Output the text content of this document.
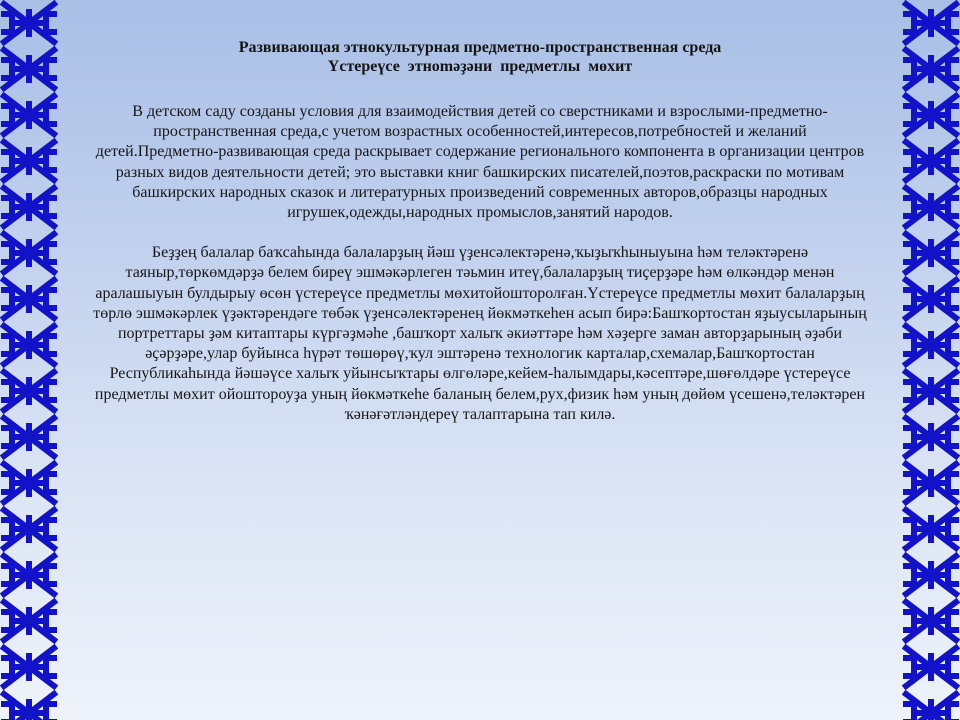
Развивающая этнокультурная предметно-пространственная среда

Үстереүсе этноməҙəни предметлы мөхит

В детском саду созданы условия для взаимодействия детей со сверстниками и взрослыми-предметно-пространственная среда,с учетом возрастных особенностей,интересов,потребностей и желаний детей.Предметно-развивающая среда раскрывает содержание регионального компонента в организации центров разных видов деятельности детей; это выставки книг башкирских писателей,поэтов,раскраски по мотивам башкирских народных сказок и литературных произведений современных авторов,образцы народных игрушек,одежды,народных промыслов,занятий народов.

Беҙҙең балалар баҡсаһында балаларҙың йәш үҙенсәлектәренә,ҡыҙыҡһыныуына һәм теләктәренә таяныр,төркөмдәрҙә белем биреү эшмәкәрлеген тәьмин итеү,балаларҙың тиҫерҙәре һәм өлкәндәр менән аралашыуын булдырыу өсөн үстереүсе предметлы мөхитойошторолған.Үстереүсе предметлы мөхит балаларҙың төрлө эшмәкәрлек үҙәктәрендәге төбәк үҙенсәлектәренең йөкмәткеһен асып бирә:Башҡортостан яҙыусыларының портреттары ҙәм китаптары күргәҙмәһе ,башҡорт халыҡ әкиәттәре һәм хәҙерге заман авторҙарының әҙәби әҫәрҙәре,улар буйынса һүрәт төшөрөү,ҡул эштәренә технологик карталар,схемалар,Башҡортостан Республикаһында йәшәүсе халыҡ уйынсыҡтары өлгөләре,кейем-һалымдары,кәсептәре,шөғөлдәре үстереүсе предметлы мөхит ойоштороуҙа уның йөкмәткеһе баланың белем,рух,физик һәм уның дөйөм үсешенә,теләктәрен ҡәнәғәтләндереү талаптарына тап килә.
